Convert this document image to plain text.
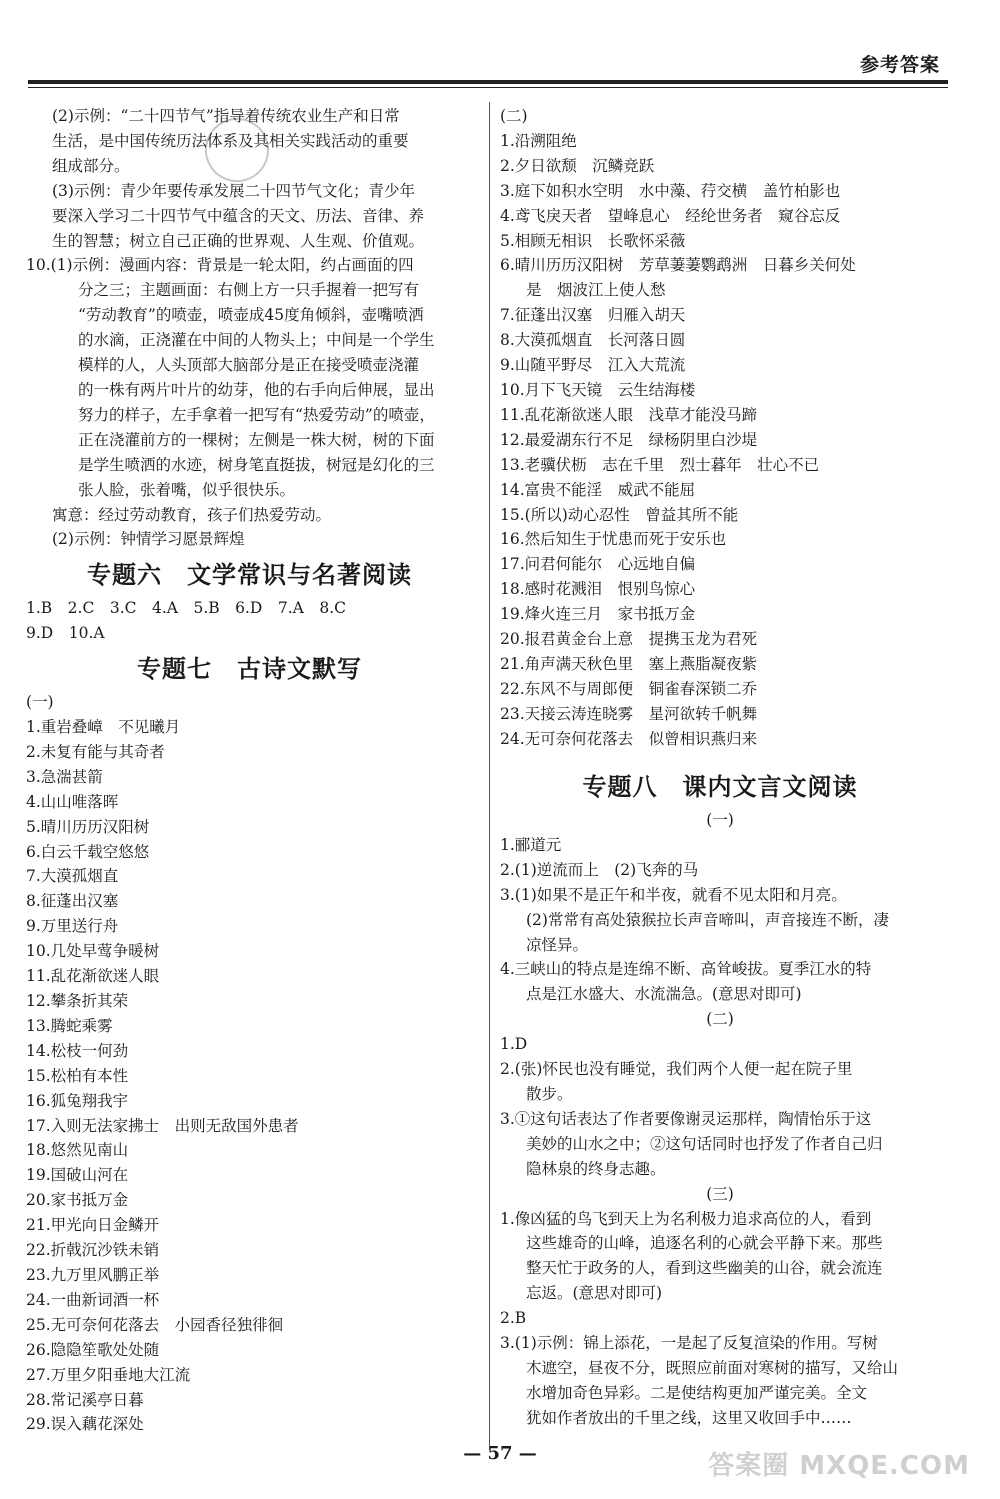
参考答案

(2)示例：“二十四节气”指导着传统农业生产和日常

生活，是中国传统历法体系及其相关实践活动的重要

组成部分。

(3)示例：青少年要传承发展二十四节气文化；青少年

要深入学习二十四节气中蕴含的天文、历法、音律、养

生的智慧；树立自己正确的世界观、人生观、价值观。

10.(1)示例：漫画内容：背景是一轮太阳，约占画面的四

分之三；主题画面：右侧上方一只手握着一把写有

“劳动教育”的喷壶，喷壶成45度角倾斜，壶嘴喷洒

的水滴，正浇灌在中间的人物头上；中间是一个学生

模样的人，人头顶部大脑部分是正在接受喷壶浇灌

的一株有两片叶片的幼芽，他的右手向后伸展，显出

努力的样子，左手拿着一把写有“热爱劳动”的喷壶，

正在浇灌前方的一棵树；左侧是一株大树，树的下面

是学生喷洒的水迹，树身笔直挺拔，树冠是幻化的三

张人脸，张着嘴，似乎很快乐。

寓意：经过劳动教育，孩子们热爱劳动。

(2)示例：钟情学习愿景辉煌

专题六　文学常识与名著阅读

1.B　2.C　3.C　4.A　5.B　6.D　7.A　8.C

9.D　10.A

专题七　古诗文默写

(一)

1.重岩叠嶂　不见曦月

2.未复有能与其奇者

3.急湍甚箭

4.山山唯落晖

5.晴川历历汉阳树

6.白云千载空悠悠

7.大漠孤烟直

8.征蓬出汉塞

9.万里送行舟

10.几处早莺争暖树

11.乱花渐欲迷人眼

12.攀条折其荣

13.腾蛇乘雾

14.松枝一何劲

15.松柏有本性

16.狐兔翔我宇

17.入则无法家拂士　出则无敌国外患者

18.悠然见南山

19.国破山河在

20.家书抵万金

21.甲光向日金鳞开

22.折戟沉沙铁未销

23.九万里风鹏正举

24.一曲新词酒一杯

25.无可奈何花落去　小园香径独徘徊

26.隐隐笙歌处处随

27.万里夕阳垂地大江流

28.常记溪亭日暮

29.误入藕花深处

(二)

1.沿溯阻绝

2.夕日欲颓　沉鳞竞跃

3.庭下如积水空明　水中藻、荇交横　盖竹柏影也

4.鸢飞戾天者　望峰息心　经纶世务者　窥谷忘反

5.相顾无相识　长歌怀采薇

6.晴川历历汉阳树　芳草萋萋鹦鹉洲　日暮乡关何处

是　烟波江上使人愁

7.征蓬出汉塞　归雁入胡天

8.大漠孤烟直　长河落日圆

9.山随平野尽　江入大荒流

10.月下飞天镜　云生结海楼

11.乱花渐欲迷人眼　浅草才能没马蹄

12.最爱湖东行不足　绿杨阴里白沙堤

13.老骥伏枥　志在千里　烈士暮年　壮心不已

14.富贵不能淫　威武不能屈

15.(所以)动心忍性　曾益其所不能

16.然后知生于忧患而死于安乐也

17.问君何能尔　心远地自偏

18.感时花溅泪　恨别鸟惊心

19.烽火连三月　家书抵万金

20.报君黄金台上意　提携玉龙为君死

21.角声满天秋色里　塞上燕脂凝夜紫

22.东风不与周郎便　铜雀春深锁二乔

23.天接云涛连晓雾　星河欲转千帆舞

24.无可奈何花落去　似曾相识燕归来

专题八　课内文言文阅读

(一)

1.郦道元

2.(1)逆流而上　(2)飞奔的马

3.(1)如果不是正午和半夜，就看不见太阳和月亮。

(2)常常有高处猿猴拉长声音啼叫，声音接连不断，凄

凉怪异。

4.三峡山的特点是连绵不断、高耸峻拔。夏季江水的特

点是江水盛大、水流湍急。(意思对即可)

(二)

1.D

2.(张)怀民也没有睡觉，我们两个人便一起在院子里

散步。

3.①这句话表达了作者要像谢灵运那样，陶情怡乐于这

美妙的山水之中；②这句话同时也抒发了作者自己归

隐林泉的终身志趣。

(三)

1.像凶猛的鸟飞到天上为名利极力追求高位的人，看到

这些雄奇的山峰，追逐名利的心就会平静下来。那些

整天忙于政务的人，看到这些幽美的山谷，就会流连

忘返。(意思对即可)

2.B

3.(1)示例：锦上添花，一是起了反复渲染的作用。写树

木遮空，昼夜不分，既照应前面对寒树的描写，又给山

水增加奇色异彩。二是使结构更加严谨完美。全文

犹如作者放出的千里之线，这里又收回手中……

— 57 —	答案圈 MXQE.COM
